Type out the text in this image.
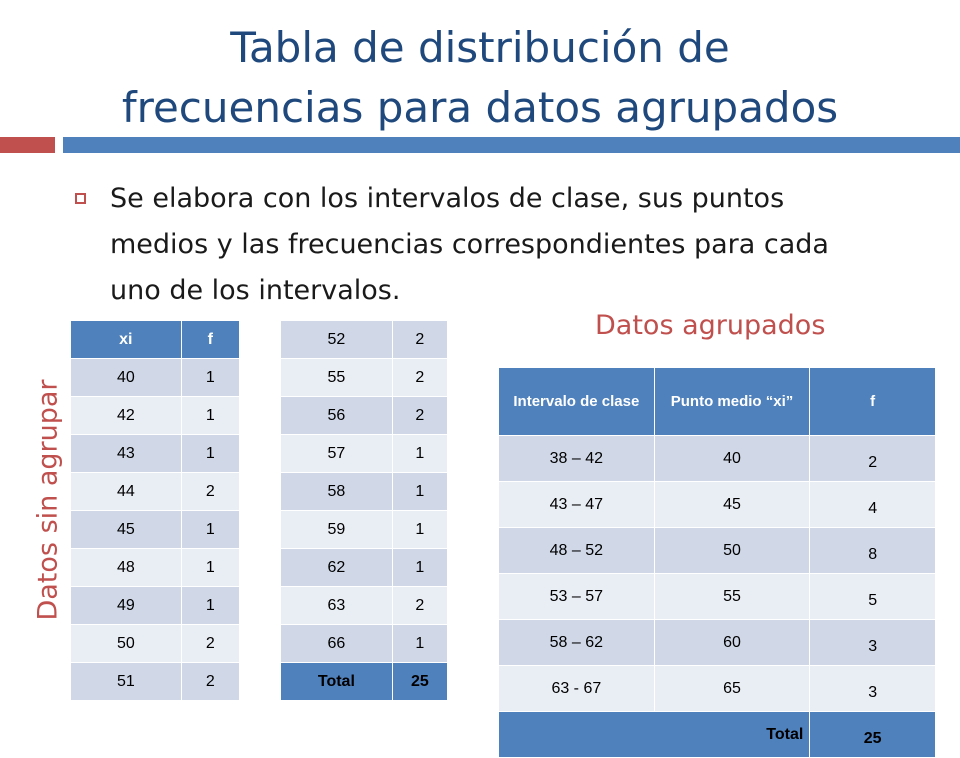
Tabla de distribución de
frecuencias para datos agrupados
Se elabora con los intervalos de clase, sus puntos medios y las frecuencias correspondientes para cada uno de los intervalos.
Datos agrupados
Datos sin agrupar
xi	f
40	1
42	1
43	1
44	2
45	1
48	1
49	1
50	2
51	2
52	2
55	2
56	2
57	1
58	1
59	1
62	1
63	2
66	1
Total	25
Intervalo de clase	Punto medio “xi”	f
38 – 42	40	2
43 – 47	45	4
48 – 52	50	8
53 – 57	55	5
58 – 62	60	3
63 - 67	65	3
Total		25
